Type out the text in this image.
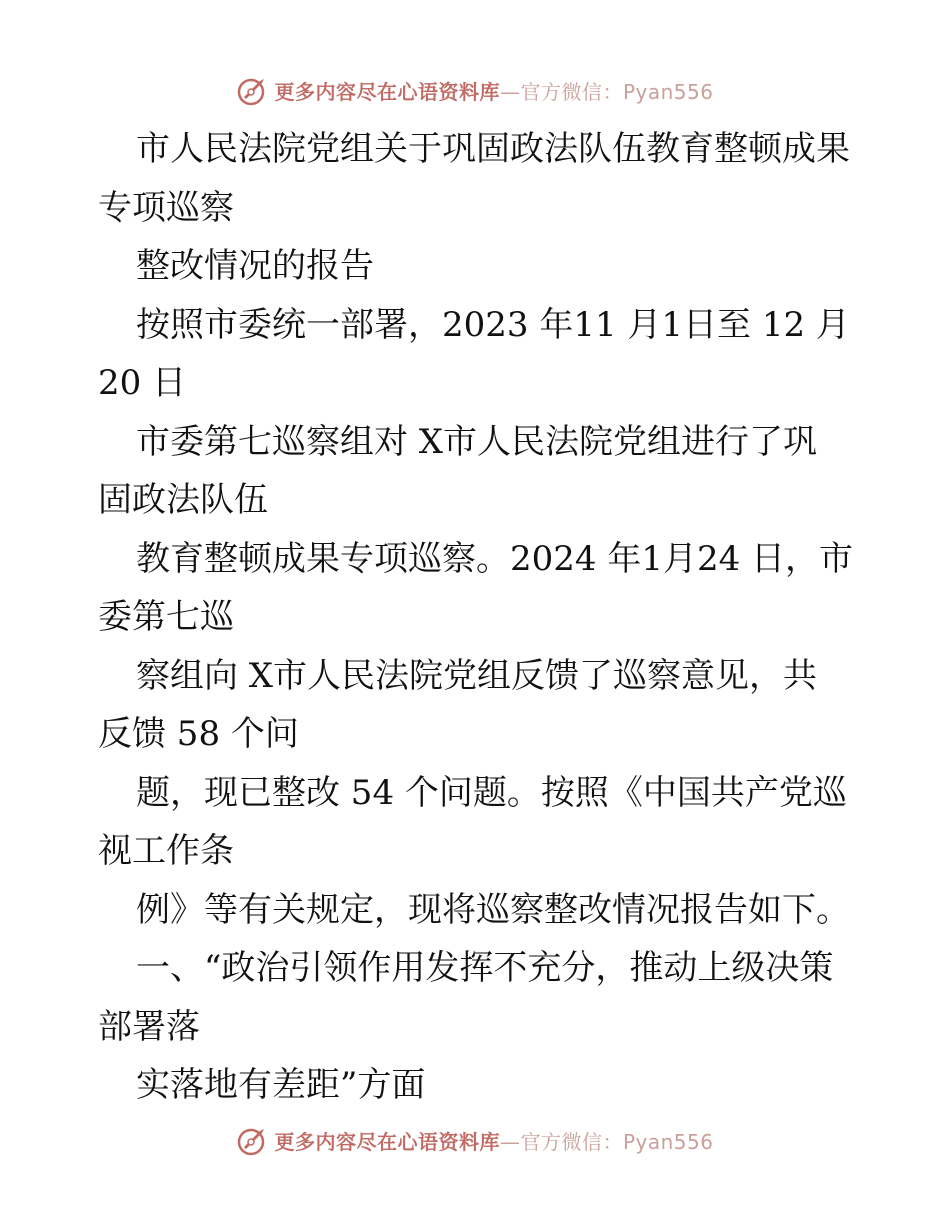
更多内容尽在心语资料库—官方微信：Pyan556
市人民法院党组关于巩固政法队伍教育整顿成果
专项巡察
整改情况的报告
按照市委统一部署，2023 年11 月1日至 12 月
20 日
市委第七巡察组对 X市人民法院党组进行了巩
固政法队伍
教育整顿成果专项巡察。2024 年1月24 日，市
委第七巡
察组向 X市人民法院党组反馈了巡察意见，共
反馈 58 个问
题，现已整改 54 个问题。按照《中国共产党巡
视工作条
例》等有关规定，现将巡察整改情况报告如下。
一、“政治引领作用发挥不充分，推动上级决策
部署落
实落地有差距”方面
更多内容尽在心语资料库—官方微信：Pyan556
